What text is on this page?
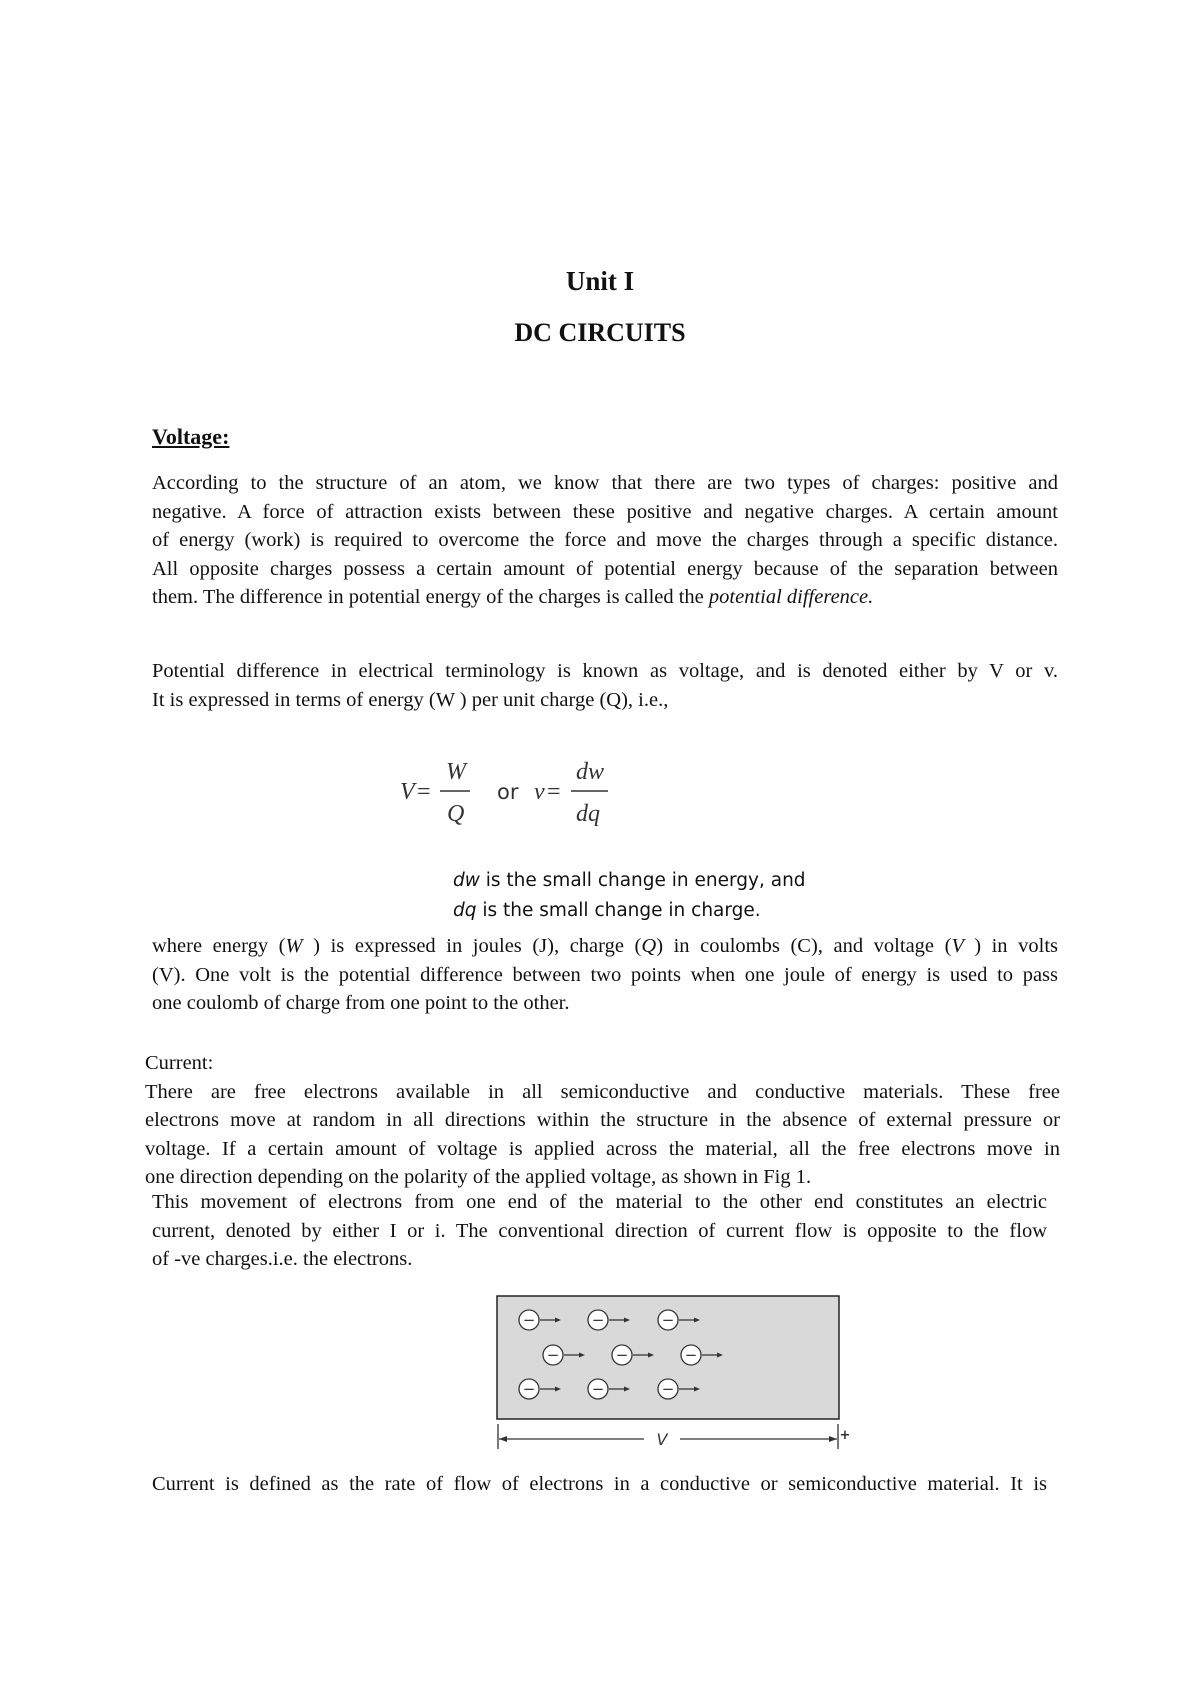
Unit I
DC CIRCUITS
Voltage:
According to the structure of an atom, we know that there are two types of charges: positive and
negative. A force of attraction exists between these positive and negative charges. A certain amount
of energy (work) is required to overcome the force and move the charges through a specific distance.
All opposite charges possess a certain amount of potential energy because of the separation between
them. The difference in potential energy of the charges is called the potential difference.
Potential difference in electrical terminology is known as voltage, and is denoted either by V or v.
It is expressed in terms of energy (W ) per unit charge (Q), i.e.,
V =
W
Q
or v =
dw
dq
dw is the small change in energy, and
dq is the small change in charge.
where energy (W ) is expressed in joules (J), charge (Q) in coulombs (C), and voltage (V ) in volts
(V). One volt is the potential difference between two points when one joule of energy is used to pass
one coulomb of charge from one point to the other.
Current:
There are free electrons available in all semiconductive and conductive materials. These free
electrons move at random in all directions within the structure in the absence of external pressure or
voltage. If a certain amount of voltage is applied across the material, all the free electrons move in
one direction depending on the polarity of the applied voltage, as shown in Fig 1.
This movement of electrons from one end of the material to the other end constitutes an electric
current, denoted by either I or i. The conventional direction of current flow is opposite to the flow
of -ve charges.i.e. the electrons.
−	−	−
−	−	−
−	−	−
V	+
Current is defined as the rate of flow of electrons in a conductive or semiconductive material. It is
